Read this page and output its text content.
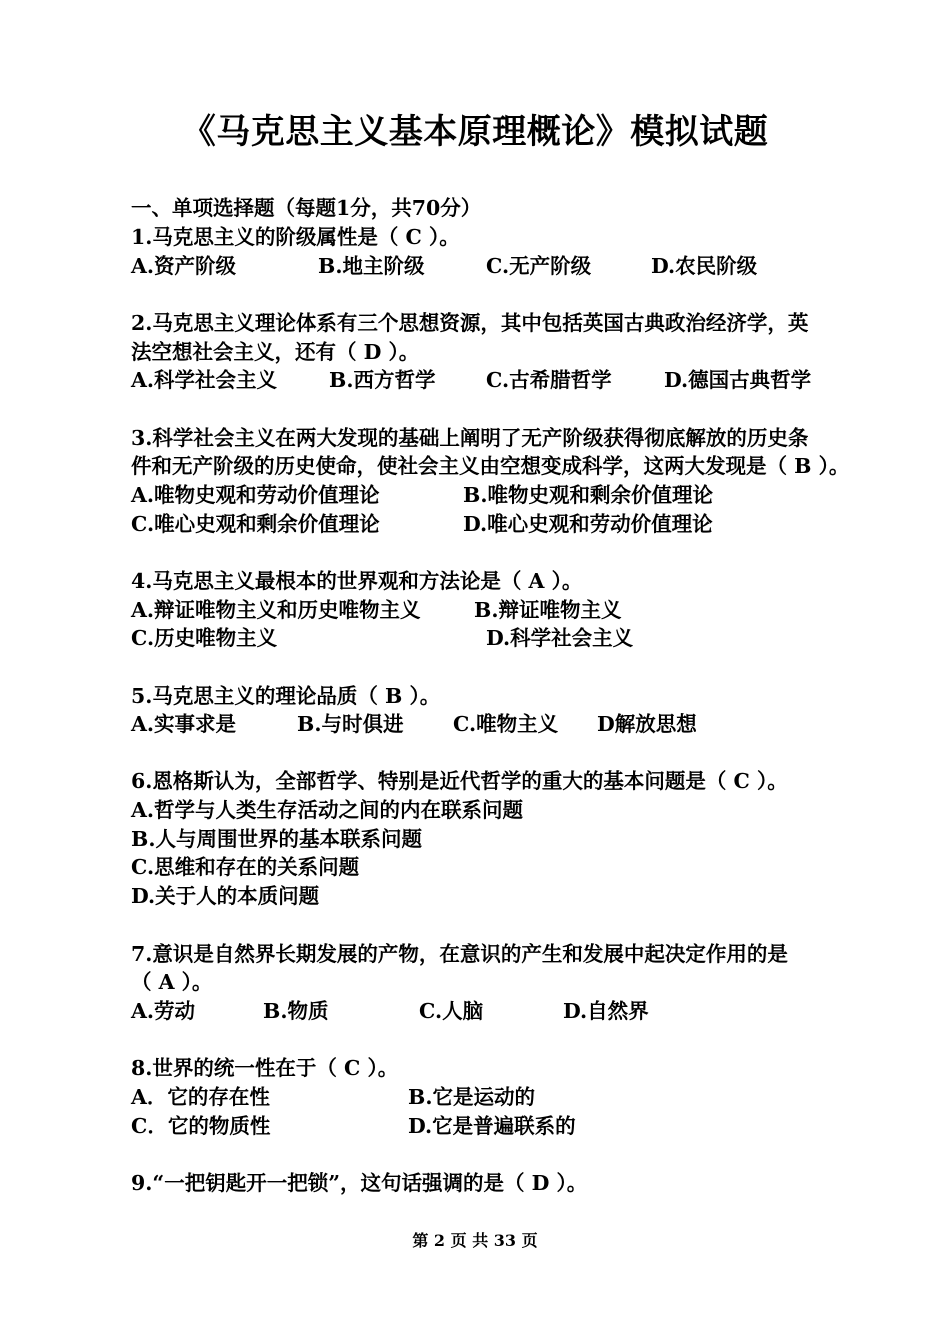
《马克思主义基本原理概论》模拟试题
一、单项选择题（每题1分，共70分）
1.马克思主义的阶级属性是（ C ）。
A.资产阶级	B.地主阶级	C.无产阶级	D.农民阶级
2.马克思主义理论体系有三个思想资源，其中包括英国古典政治经济学，英
法空想社会主义，还有（ D ）。
A.科学社会主义	B.西方哲学 C.古希腊哲学	D.德国古典哲学
3.科学社会主义在两大发现的基础上阐明了无产阶级获得彻底解放的历史条
件和无产阶级的历史使命，使社会主义由空想变成科学，这两大发现是（ B ）。
A.唯物史观和劳动价值理论	B.唯物史观和剩余价值理论
C.唯心史观和剩余价值理论	D.唯心史观和劳动价值理论
4.马克思主义最根本的世界观和方法论是（ A ）。
A.辩证唯物主义和历史唯物主义	B.辩证唯物主义
C.历史唯物主义	D.科学社会主义
5.马克思主义的理论品质（ B ）。
A.实事求是	B.与时俱进 C.唯物主义 D解放思想
6.恩格斯认为，全部哲学、特别是近代哲学的重大的基本问题是（ C ）。
A.哲学与人类生存活动之间的内在联系问题
B.人与周围世界的基本联系问题
C.思维和存在的关系问题
D.关于人的本质问题
7.意识是自然界长期发展的产物，在意识的产生和发展中起决定作用的是
（ A ）。
A.劳动	B.物质	C.人脑	D.自然界
8.世界的统一性在于（ C ）。
A．它的存在性	B.它是运动的
C．它的物质性	D.它是普遍联系的
9.“一把钥匙开一把锁”，这句话强调的是（ D ）。
第 2 页 共 33 页
